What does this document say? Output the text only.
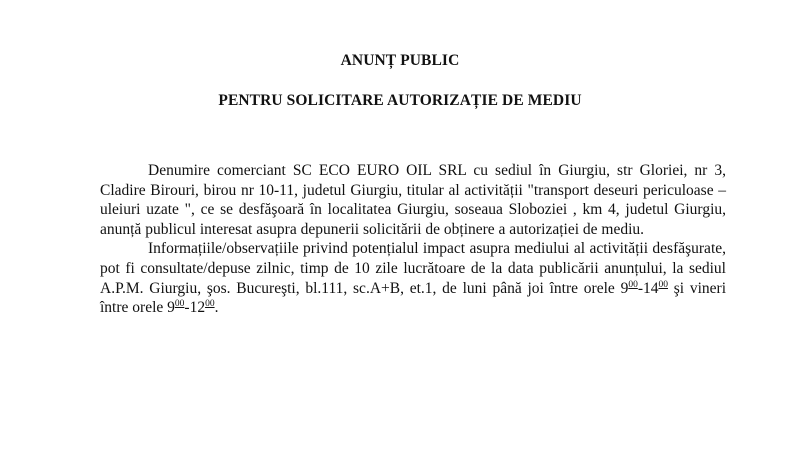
ANUNȚ PUBLIC
PENTRU SOLICITARE AUTORIZAȚIE DE MEDIU

Denumire comerciant SC ECO EURO OIL SRL cu sediul în Giurgiu, str Gloriei, nr 3, Cladire Birouri, birou nr 10-11, judetul Giurgiu, titular al activității "transport deseuri periculoase – uleiuri uzate ", ce se desfăşoară în localitatea Giurgiu, soseaua Sloboziei , km 4, judetul Giurgiu, anunță publicul interesat asupra depunerii solicitării de obținere a autorizației de mediu.

Informațiile/observațiile privind potențialul impact asupra mediului al activității desfăşurate, pot fi consultate/depuse zilnic, timp de 10 zile lucrătoare de la data publicării anunțului, la sediul A.P.M. Giurgiu, şos. Bucureşti, bl.111, sc.A+B, et.1, de luni până joi între orele $9^{00}-14^{00}$ şi vineri între orele $9^{00}-12^{00}$.
